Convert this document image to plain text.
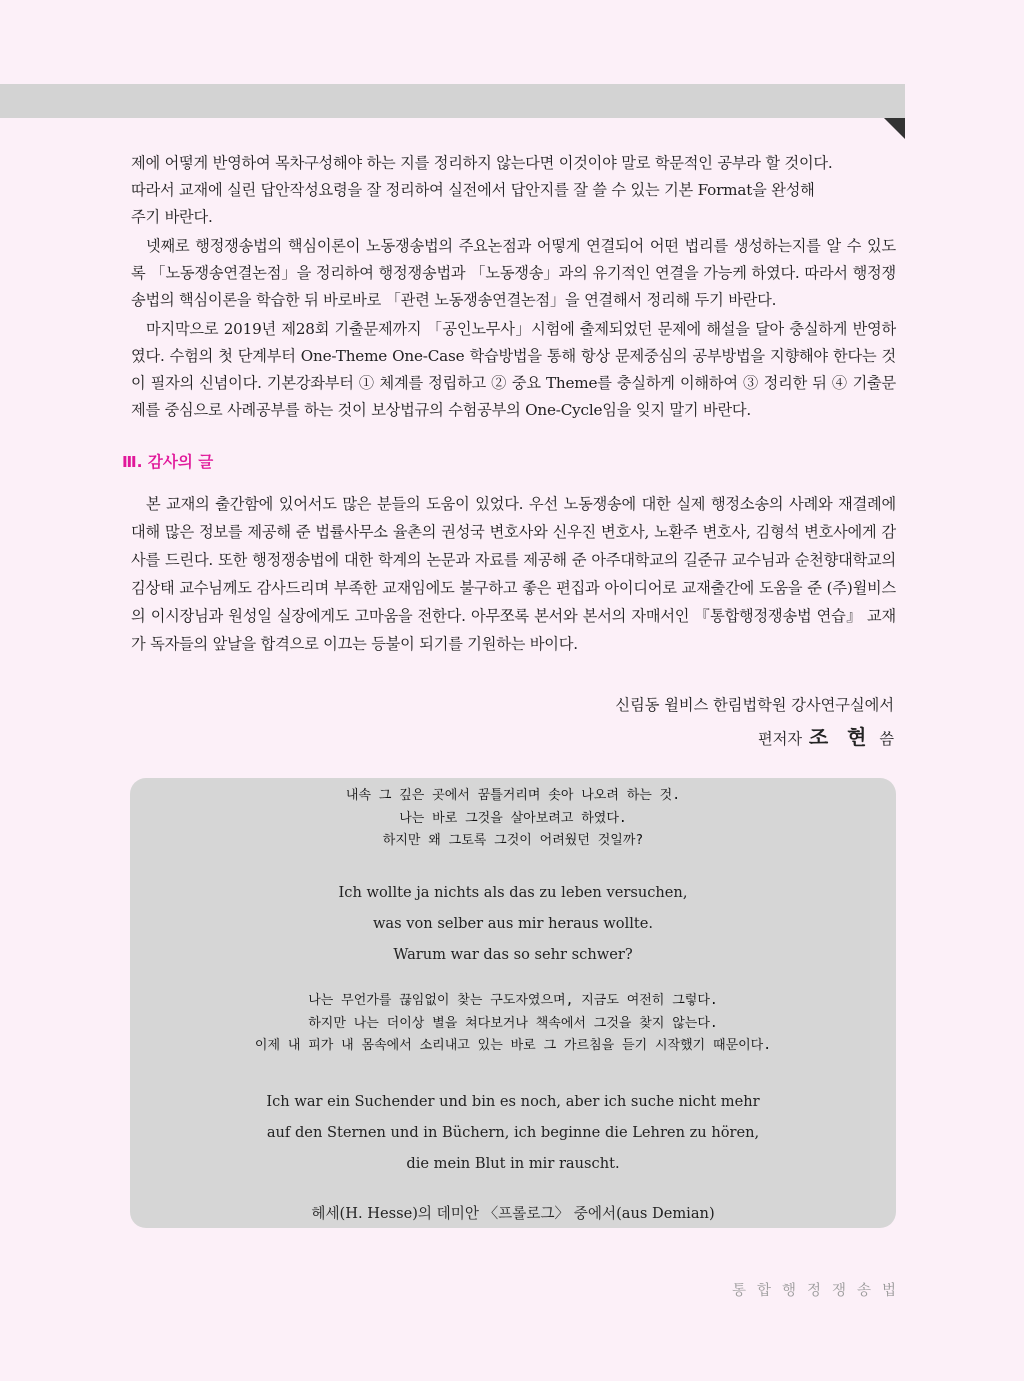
제에 어떻게 반영하여 목차구성해야 하는 지를 정리하지 않는다면 이것이야 말로 학문적인 공부라 할 것이다.
따라서 교재에 실린 답안작성요령을 잘 정리하여 실전에서 답안지를 잘 쓸 수 있는 기본 Format을 완성해
주기 바란다.

넷째로 행정쟁송법의 핵심이론이 노동쟁송법의 주요논점과 어떻게 연결되어 어떤 법리를 생성하는지를 알 수 있도록 「노동쟁송연결논점」을 정리하여 행정쟁송법과 「노동쟁송」과의 유기적인 연결을 가능케 하였다. 따라서 행정쟁송법의 핵심이론을 학습한 뒤 바로바로 「관련 노동쟁송연결논점」을 연결해서 정리해 두기 바란다.

마지막으로 2019년 제28회 기출문제까지 「공인노무사」시험에 출제되었던 문제에 해설을 달아 충실하게 반영하였다. 수험의 첫 단계부터 One-Theme One-Case 학습방법을 통해 항상 문제중심의 공부방법을 지향해야 한다는 것이 필자의 신념이다. 기본강좌부터 ① 체계를 정립하고 ② 중요 Theme를 충실하게 이해하여 ③ 정리한 뒤 ④ 기출문제를 중심으로 사례공부를 하는 것이 보상법규의 수험공부의 One-Cycle임을 잊지 말기 바란다.

Ⅲ. 감사의 글

본 교재의 출간함에 있어서도 많은 분들의 도움이 있었다. 우선 노동쟁송에 대한 실제 행정소송의 사례와 재결례에 대해 많은 정보를 제공해 준 법률사무소 율촌의 권성국 변호사와 신우진 변호사, 노환주 변호사, 김형석 변호사에게 감사를 드린다. 또한 행정쟁송법에 대한 학계의 논문과 자료를 제공해 준 아주대학교의 길준규 교수님과 순천향대학교의 김상태 교수님께도 감사드리며 부족한 교재임에도 불구하고 좋은 편집과 아이디어로 교재출간에 도움을 준 (주)윌비스의 이시장님과 원성일 실장에게도 고마움을 전한다. 아무쪼록 본서와 본서의 자매서인 『통합행정쟁송법 연습』 교재가 독자들의 앞날을 합격으로 이끄는 등불이 되기를 기원하는 바이다.

신림동 윌비스 한림법학원 강사연구실에서
편저자 조 현 씀
내속 그 깊은 곳에서 꿈틀거리며 솟아 나오려 하는 것.
나는 바로 그것을 살아보려고 하였다.
하지만 왜 그토록 그것이 어려웠던 것일까?
Ich wollte ja nichts als das zu leben versuchen,
was von selber aus mir heraus wollte.
Warum war das so sehr schwer?
나는 무언가를 끊임없이 찾는 구도자였으며, 지금도 여전히 그렇다.
하지만 나는 더이상 별을 쳐다보거나 책속에서 그것을 찾지 않는다.
이제 내 피가 내 몸속에서 소리내고 있는 바로 그 가르침을 듣기 시작했기 때문이다.
Ich war ein Suchender und bin es noch, aber ich suche nicht mehr
auf den Sternen und in Büchern, ich beginne die Lehren zu hören,
die mein Blut in mir rauscht.
헤세(H. Hesse)의 데미안 〈프롤로그〉 중에서(aus Demian)
통합행정쟁송법
